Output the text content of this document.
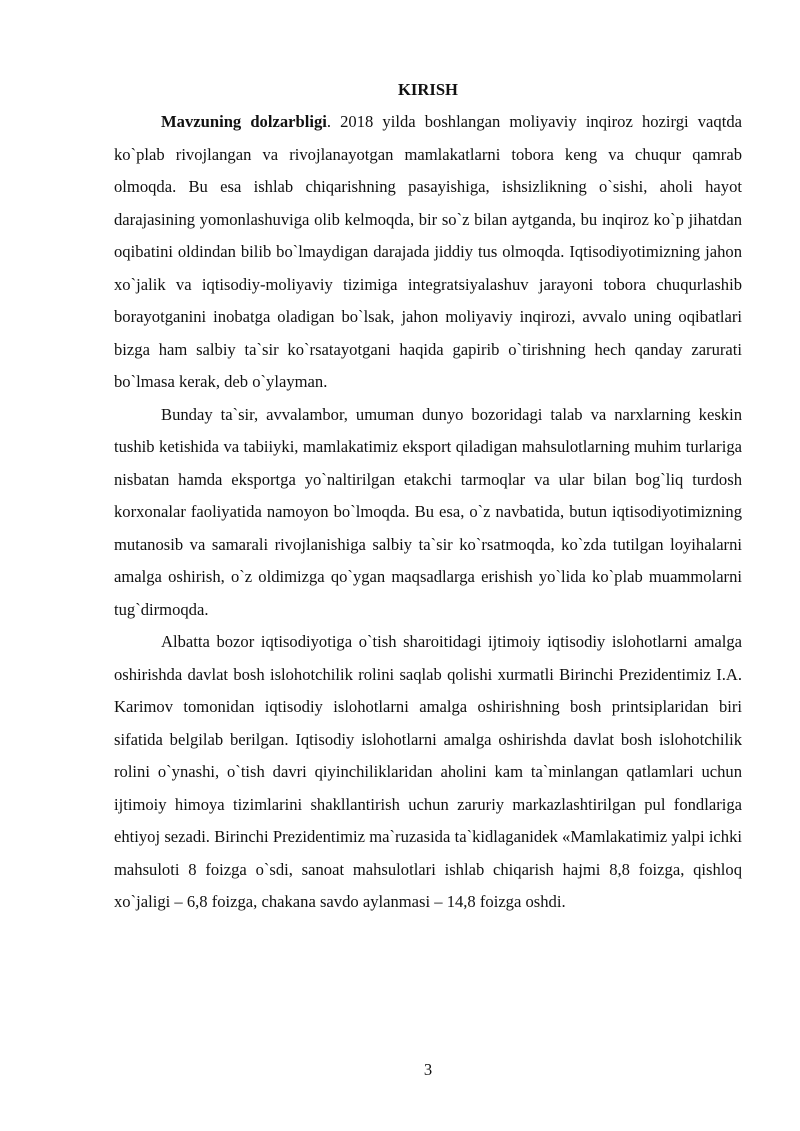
KIRISH

Mavzuning dolzarbligi. 2018 yilda boshlangan moliyaviy inqiroz hozirgi vaqtda ko`plab rivojlangan va rivojlanayotgan mamlakatlarni tobora keng va chuqur qamrab olmoqda. Bu esa ishlab chiqarishning pasayishiga, ishsizlikning o`sishi, aholi hayot darajasining yomonlashuviga olib kelmoqda, bir so`z bilan aytganda, bu inqiroz ko`p jihatdan oqibatini oldindan bilib bo`lmaydigan darajada jiddiy tus olmoqda. Iqtisodiyotimizning jahon xo`jalik va iqtisodiy-moliyaviy tizimiga integratsiyalashuv jarayoni tobora chuqurlashib borayotganini inobatga oladigan bo`lsak, jahon moliyaviy inqirozi, avvalo uning oqibatlari bizga ham salbiy ta`sir ko`rsatayotgani haqida gapirib o`tirishning hech qanday zarurati bo`lmasa kerak, deb o`ylayman.

Bunday ta`sir, avvalambor, umuman dunyo bozoridagi talab va narxlarning keskin tushib ketishida va tabiiyki, mamlakatimiz eksport qiladigan mahsulotlarning muhim turlariga nisbatan hamda eksportga yo`naltirilgan etakchi tarmoqlar va ular bilan bog`liq turdosh korxonalar faoliyatida namoyon bo`lmoqda. Bu esa, o`z navbatida, butun iqtisodiyotimizning mutanosib va samarali rivojlanishiga salbiy ta`sir ko`rsatmoqda, ko`zda tutilgan loyihalarni amalga oshirish, o`z oldimizga qo`ygan maqsadlarga erishish yo`lida ko`plab muammolarni tug`dirmoqda.

Albatta bozor iqtisodiyotiga o`tish sharoitidagi ijtimoiy iqtisodiy islohotlarni amalga oshirishda davlat bosh islohotchilik rolini saqlab qolishi xurmatli Birinchi Prezidentimiz I.A. Karimov tomonidan iqtisodiy islohotlarni amalga oshirishning bosh printsiplaridan biri sifatida belgilab berilgan. Iqtisodiy islohotlarni amalga oshirishda davlat bosh islohotchilik rolini o`ynashi, o`tish davri qiyinchiliklaridan aholini kam ta`minlangan qatlamlari uchun ijtimoiy himoya tizimlarini shakllantirish uchun zaruriy markazlashtirilgan pul fondlariga ehtiyoj sezadi. Birinchi Prezidentimiz ma`ruzasida ta`kidlaganidek «Mamlakatimiz yalpi ichki mahsuloti 8 foizga o`sdi, sanoat mahsulotlari ishlab chiqarish hajmi 8,8 foizga, qishloq xo`jaligi – 6,8 foizga, chakana savdo aylanmasi – 14,8 foizga oshdi.

3
